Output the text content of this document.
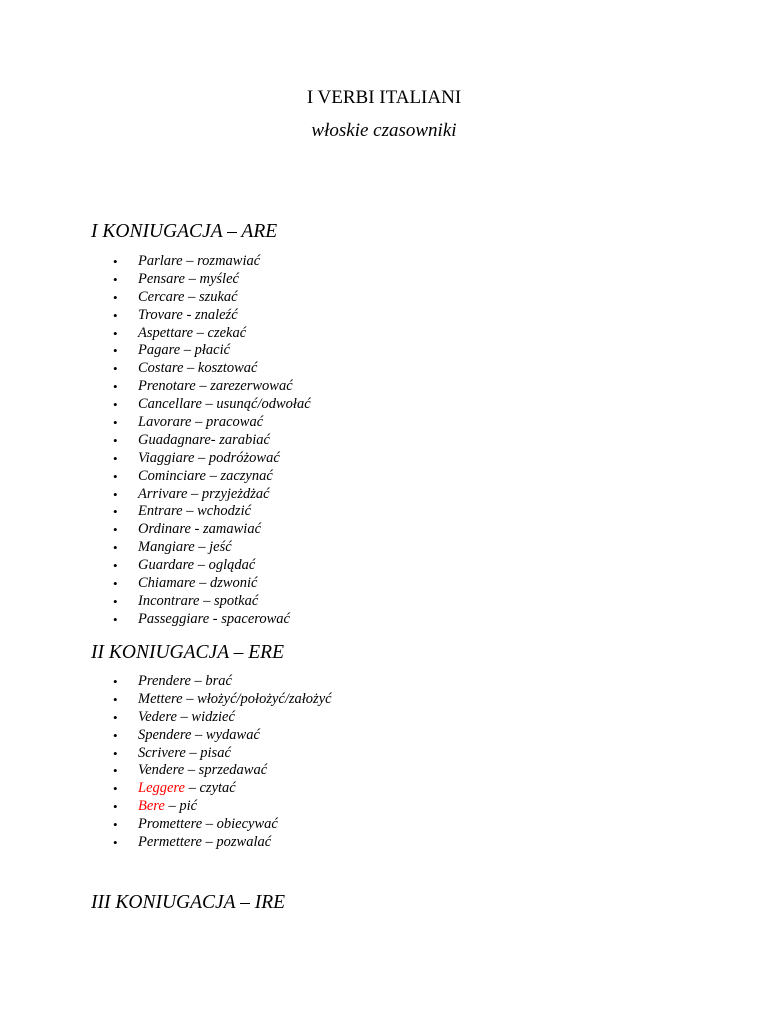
I VERBI ITALIANI
włoskie czasowniki
I KONIUGACJA – ARE
• Parlare – rozmawiać
• Pensare – myśleć
• Cercare – szukać
• Trovare - znaleźć
• Aspettare – czekać
• Pagare – płacić
• Costare – kosztować
• Prenotare – zarezerwować
• Cancellare – usunąć/odwołać
• Lavorare – pracować
• Guadagnare- zarabiać
• Viaggiare – podróżować
• Cominciare – zaczynać
• Arrivare – przyjeżdżać
• Entrare – wchodzić
• Ordinare - zamawiać
• Mangiare – jeść
• Guardare – oglądać
• Chiamare – dzwonić
• Incontrare – spotkać
• Passeggiare - spacerować
II KONIUGACJA – ERE
• Prendere – brać
• Mettere – włożyć/położyć/założyć
• Vedere – widzieć
• Spendere – wydawać
• Scrivere – pisać
• Vendere – sprzedawać
• Leggere – czytać
• Bere – pić
• Promettere – obiecywać
• Permettere – pozwalać
III KONIUGACJA – IRE
